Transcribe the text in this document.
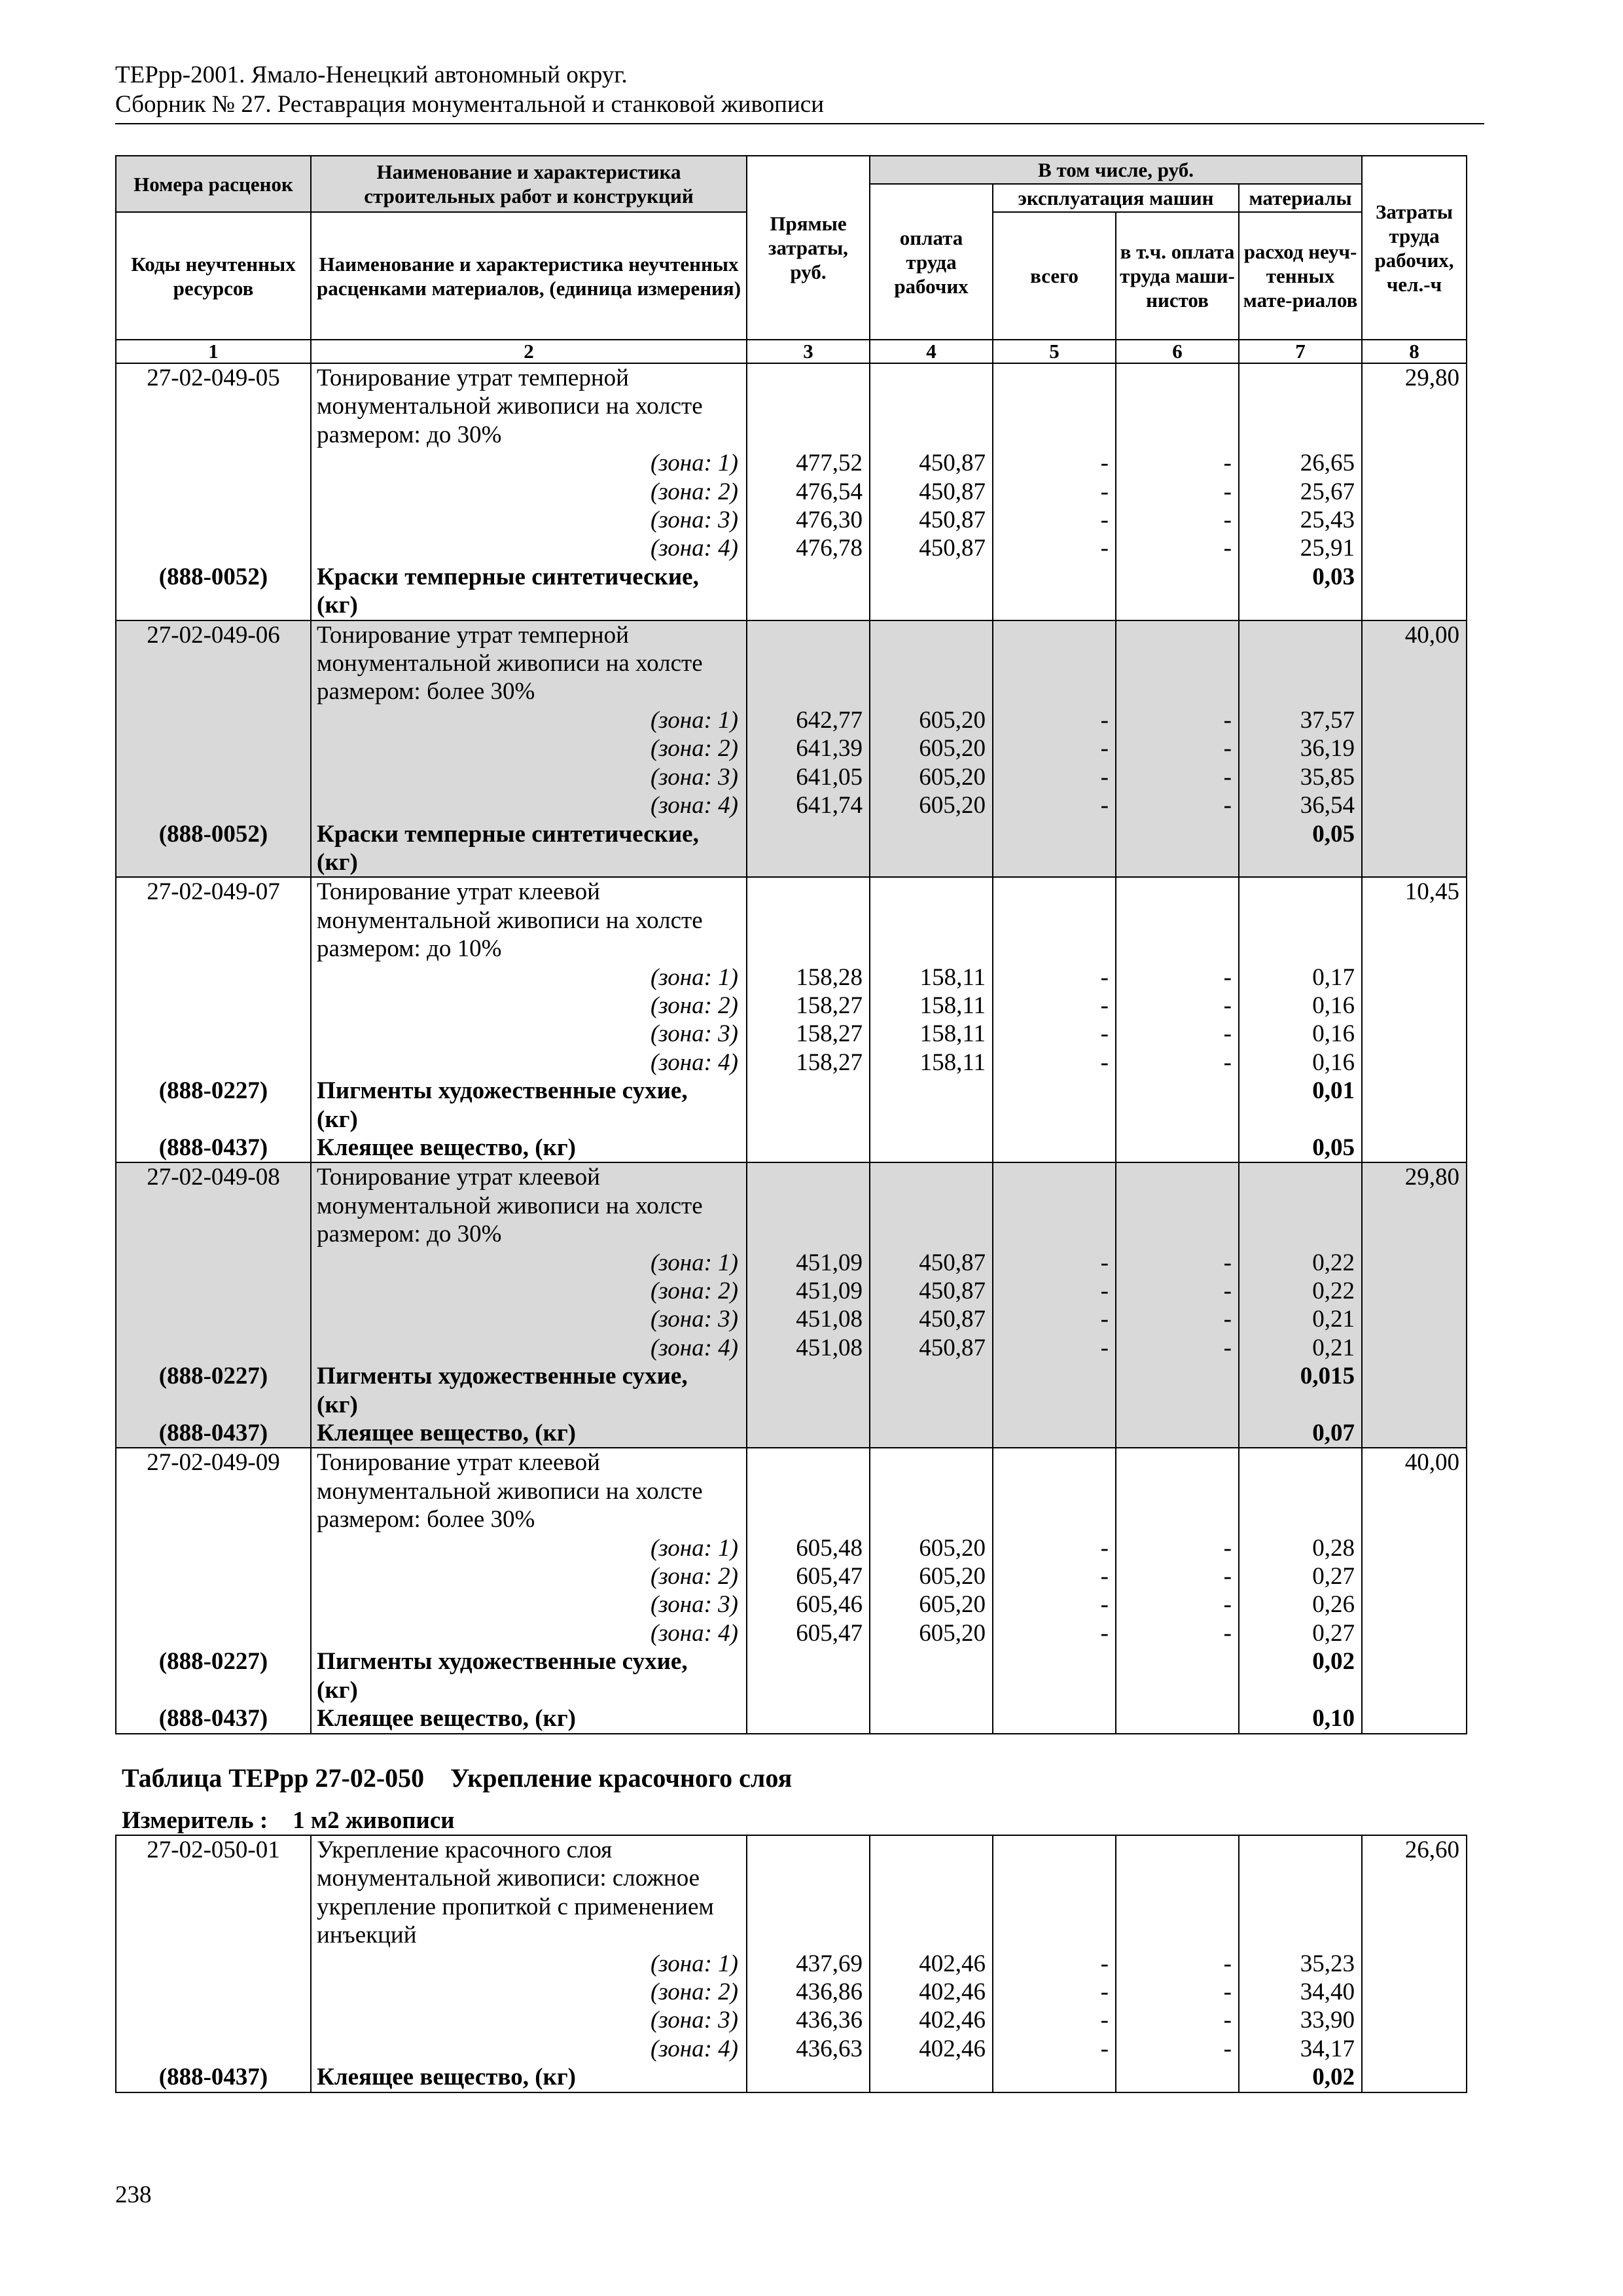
ТЕРрр-2001. Ямало-Ненецкий автономный округ.
Сборник № 27. Реставрация монументальной и станковой живописи
Номера расценок	Наименование и характеристика строительных работ и конструкций	Прямые затраты, руб.	В том числе, руб.				Затраты труда рабочих, чел.-ч
			оплата труда рабочих	эксплуатация машин		материалы	
Коды неучтенных ресурсов	Наименование и характеристика неучтенных расценками материалов, (единица измерения)			всего	в т.ч. оплата труда маши-нистов	расход неуч-тенных мате-риалов	
1	2	3	4	5	6	7	8
27-02-049-05	Тонирование утрат темперной						29,80
	монументальной живописи на холсте						
	размером: до 30%						
	(зона: 1)	477,52	450,87	-	-	26,65	
	(зона: 2)	476,54	450,87	-	-	25,67	
	(зона: 3)	476,30	450,87	-	-	25,43	
	(зона: 4)	476,78	450,87	-	-	25,91	
(888-0052)	Краски темперные синтетические,					0,03	
	(кг)						
27-02-049-06	Тонирование утрат темперной						40,00
	монументальной живописи на холсте						
	размером: более 30%						
	(зона: 1)	642,77	605,20	-	-	37,57	
	(зона: 2)	641,39	605,20	-	-	36,19	
	(зона: 3)	641,05	605,20	-	-	35,85	
	(зона: 4)	641,74	605,20	-	-	36,54	
(888-0052)	Краски темперные синтетические,					0,05	
	(кг)						
27-02-049-07	Тонирование утрат клеевой						10,45
	монументальной живописи на холсте						
	размером: до 10%						
	(зона: 1)	158,28	158,11	-	-	0,17	
	(зона: 2)	158,27	158,11	-	-	0,16	
	(зона: 3)	158,27	158,11	-	-	0,16	
	(зона: 4)	158,27	158,11	-	-	0,16	
(888-0227)	Пигменты художественные сухие,					0,01	
	(кг)						
(888-0437)	Клеящее вещество, (кг)					0,05	
27-02-049-08	Тонирование утрат клеевой						29,80
	монументальной живописи на холсте						
	размером: до 30%						
	(зона: 1)	451,09	450,87	-	-	0,22	
	(зона: 2)	451,09	450,87	-	-	0,22	
	(зона: 3)	451,08	450,87	-	-	0,21	
	(зона: 4)	451,08	450,87	-	-	0,21	
(888-0227)	Пигменты художественные сухие,					0,015	
	(кг)						
(888-0437)	Клеящее вещество, (кг)					0,07	
27-02-049-09	Тонирование утрат клеевой						40,00
	монументальной живописи на холсте						
	размером: более 30%						
	(зона: 1)	605,48	605,20	-	-	0,28	
	(зона: 2)	605,47	605,20	-	-	0,27	
	(зона: 3)	605,46	605,20	-	-	0,26	
	(зона: 4)	605,47	605,20	-	-	0,27	
(888-0227)	Пигменты художественные сухие,					0,02	
	(кг)						
(888-0437)	Клеящее вещество, (кг)					0,10	
Таблица ТЕРрр 27-02-050 Укрепление красочного слоя
Измеритель : 1 м2 живописи
27-02-050-01	Укрепление красочного слоя						26,60
	монументальной живописи: сложное						
	укрепление пропиткой с применением						
	инъекций						
	(зона: 1)	437,69	402,46	-	-	35,23	
	(зона: 2)	436,86	402,46	-	-	34,40	
	(зона: 3)	436,36	402,46	-	-	33,90	
	(зона: 4)	436,63	402,46	-	-	34,17	
(888-0437)	Клеящее вещество, (кг)					0,02	
238
